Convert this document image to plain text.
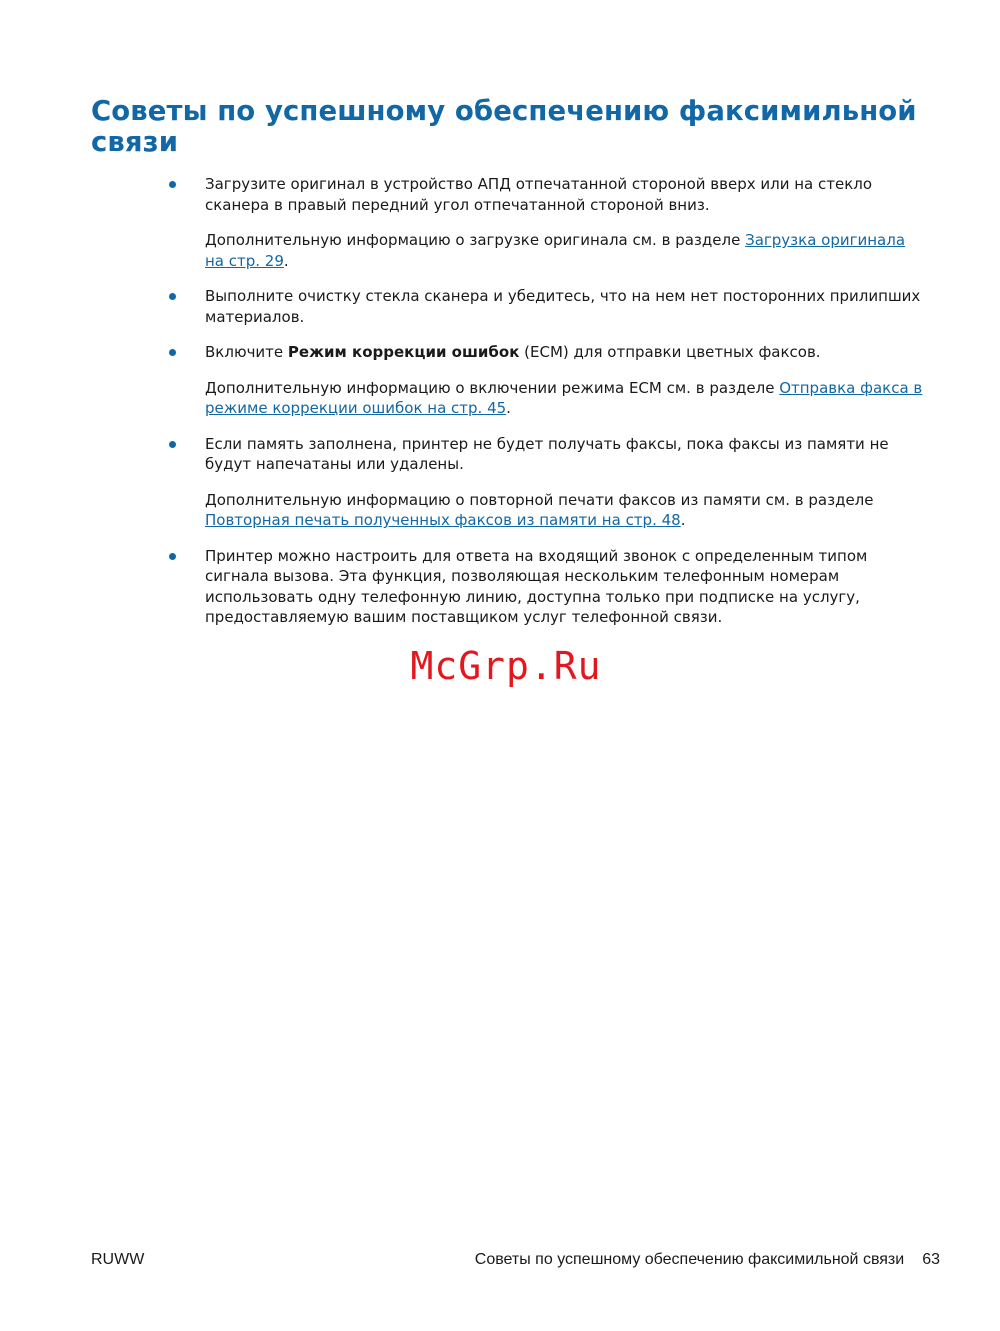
Советы по успешному обеспечению факсимильной связи

Загрузите оригинал в устройство АПД отпечатанной стороной вверх или на стекло сканера в правый передний угол отпечатанной стороной вниз.

Дополнительную информацию о загрузке оригинала см. в разделе Загрузка оригинала на стр. 29.

Выполните очистку стекла сканера и убедитесь, что на нем нет посторонних прилипших материалов.

Включите Режим коррекции ошибок (ECM) для отправки цветных факсов.

Дополнительную информацию о включении режима ECM см. в разделе Отправка факса в режиме коррекции ошибок на стр. 45.

Если память заполнена, принтер не будет получать факсы, пока факсы из памяти не будут напечатаны или удалены.

Дополнительную информацию о повторной печати факсов из памяти см. в разделе Повторная печать полученных факсов из памяти на стр. 48.

Принтер можно настроить для ответа на входящий звонок с определенным типом сигнала вызова. Эта функция, позволяющая нескольким телефонным номерам использовать одну телефонную линию, доступна только при подписке на услугу, предоставляемую вашим поставщиком услуг телефонной связи.

McGrp.Ru
RUWW	Советы по успешному обеспечению факсимильной связи 63
